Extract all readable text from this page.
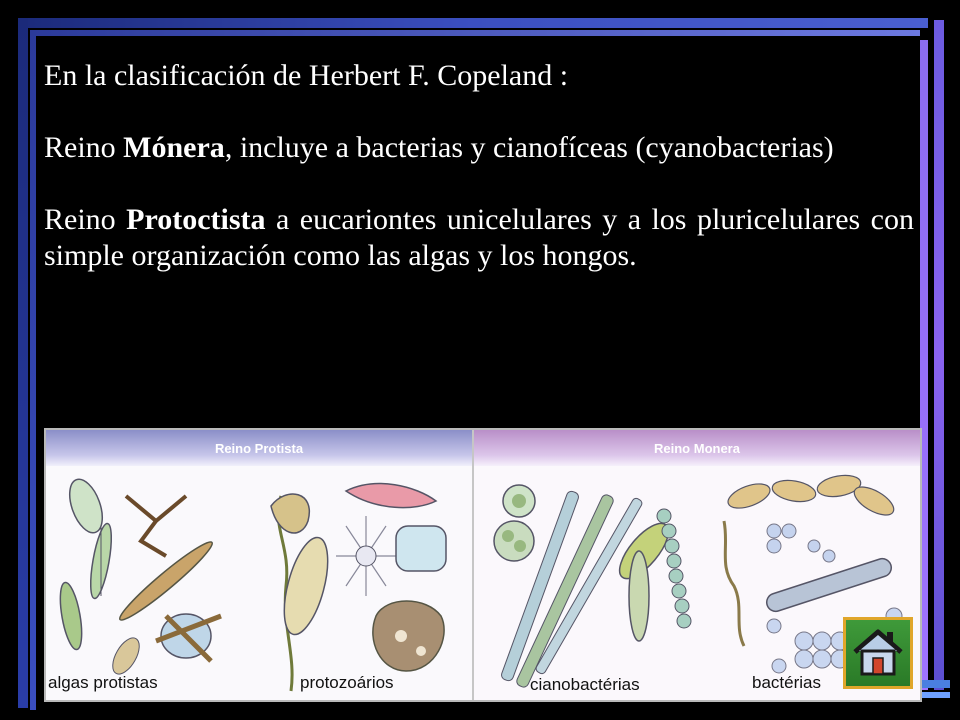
En la clasificación de Herbert F. Copeland :

Reino Mónera, incluye a bacterias y cianofíceas (cyanobacterias)

Reino Protoctista a eucariontes unicelulares y a los pluricelulares con simple organización como las algas y los hongos.

Reino Protista
algas protistas	protozoários
Reino Monera
cianobactérias	bactérias
